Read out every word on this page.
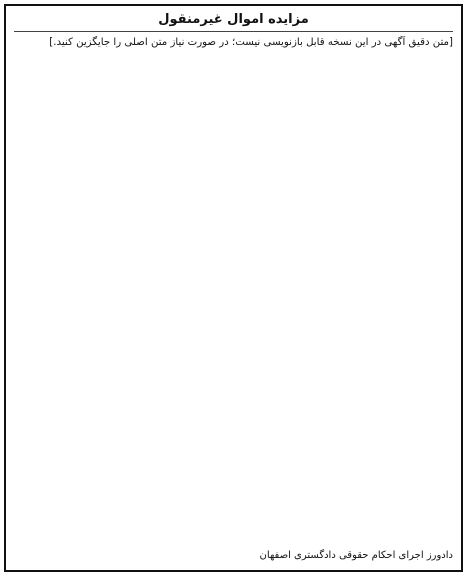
مزایده اموال غیرمنقول
[متن دقیق آگهی در این نسخه قابل بازنویسی نیست؛ در صورت نیاز متن اصلی را جایگزین کنید.]
دادورز اجرای احکام حقوقی دادگستری اصفهان
